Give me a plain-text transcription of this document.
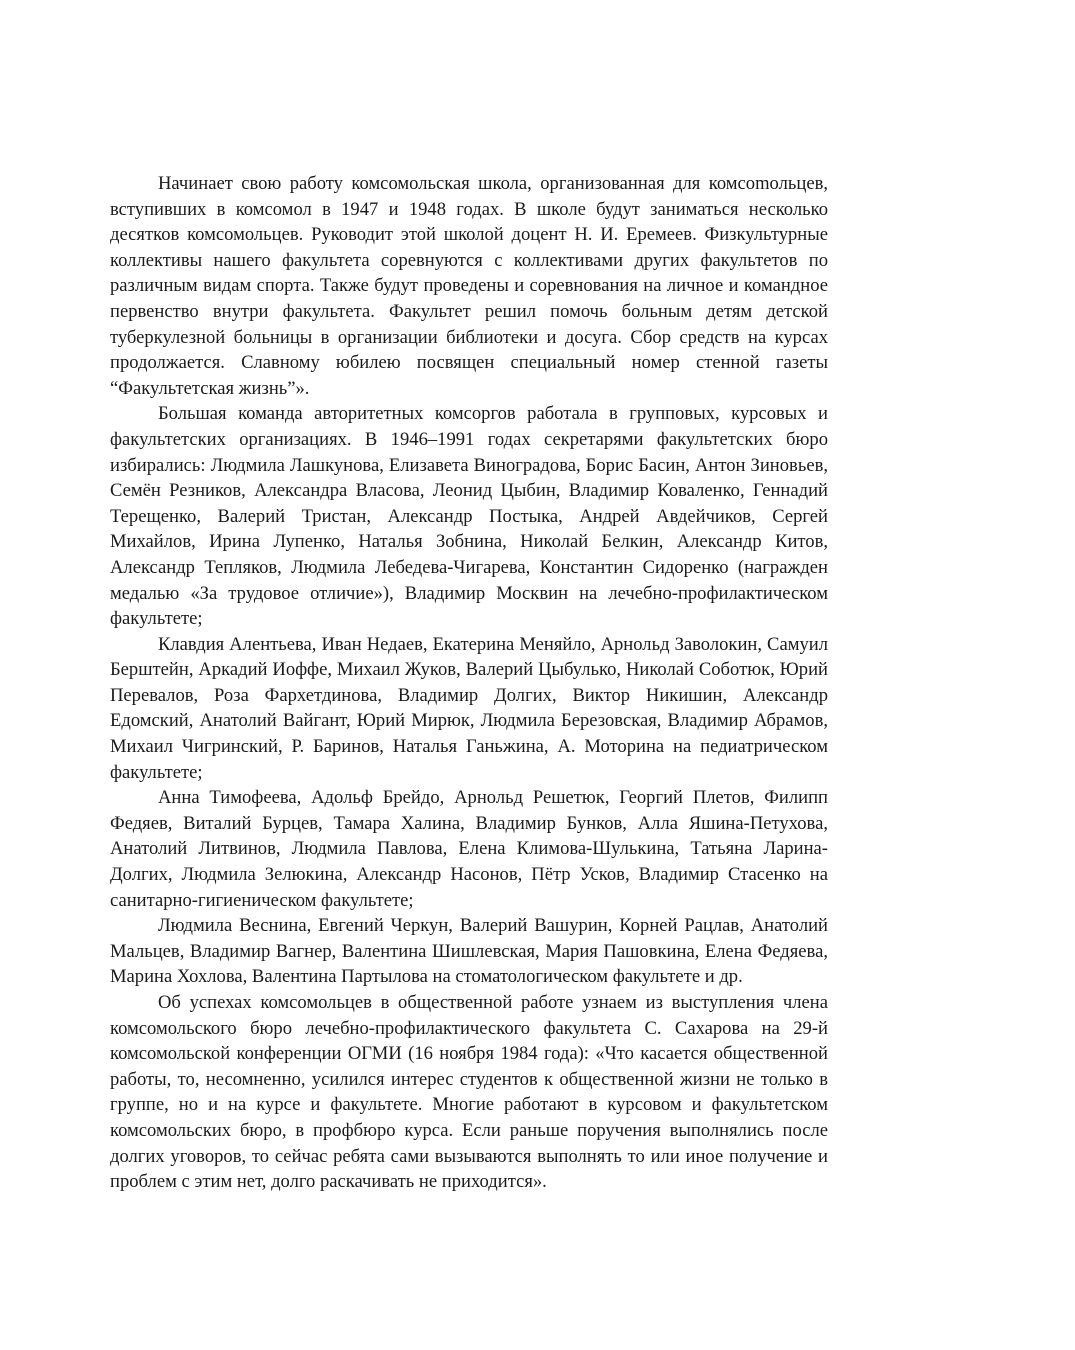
Начинает свою работу комсомольская школа, организованная для комсоmольцев, вступивших в комсомол в 1947 и 1948 годах. В школе будут заниматься несколько десятков комсомольцев. Руководит этой школой доцент Н. И. Еремеев. Физкультурные коллективы нашего факультета соревнуются с коллективами других факультетов по различным видам спорта. Также будут проведены и соревнования на личное и командное первенство внутри факультета. Факультет решил помочь больным детям детской туберкулезной больницы в организации библиотеки и досуга. Сбор средств на курсах продолжается. Славному юбилею посвящен специальный номер стенной газеты “Факультетская жизнь”».

Большая команда авторитетных комсоргов работала в групповых, курсовых и факультетских организациях. В 1946–1991 годах секретарями факультетских бюро избирались: Людмила Лашкунова, Елизавета Виноградова, Борис Басин, Антон Зиновьев, Семён Резников, Александра Власова, Леонид Цыбин, Владимир Коваленко, Геннадий Терещенко, Валерий Тристан, Александр Постыка, Андрей Авдейчиков, Сергей Михайлов, Ирина Лупенко, Наталья Зобнина, Николай Белкин, Александр Китов, Александр Тепляков, Людмила Лебедева-Чигарева, Константин Сидоренко (награжден медалью «За трудовое отличие»), Владимир Москвин на лечебно-профилактическом факультете;

Клавдия Алентьева, Иван Недаев, Екатерина Меняйло, Арнольд Заволокин, Самуил Берштейн, Аркадий Иоффе, Михаил Жуков, Валерий Цыбулько, Николай Соботюк, Юрий Перевалов, Роза Фархетдинова, Владимир Долгих, Виктор Никишин, Александр Едомский, Анатолий Вайгант, Юрий Мирюк, Людмила Березовская, Владимир Абрамов, Михаил Чигринский, Р. Баринов, Наталья Ганьжина, А. Моторина на педиатрическом факультете;

Анна Тимофеева, Адольф Брейдо, Арнольд Решетюк, Георгий Плетов, Филипп Федяев, Виталий Бурцев, Тамара Халина, Владимир Бунков, Алла Яшина-Петухова, Анатолий Литвинов, Людмила Павлова, Елена Климова-Шулькина, Татьяна Ларина-Долгих, Людмила Зелюкина, Александр Насонов, Пётр Усков, Владимир Стасенко на санитарно-гигиеническом факультете;

Людмила Веснина, Евгений Черкун, Валерий Вашурин, Корней Рацлав, Анатолий Мальцев, Владимир Вагнер, Валентина Шишлевская, Мария Пашовкина, Елена Федяева, Марина Хохлова, Валентина Партылова на стоматологическом факультете и др.

Об успехах комсомольцев в общественной работе узнаем из выступления члена комсомольского бюро лечебно-профилактического факультета С. Сахарова на 29-й комсомольской конференции ОГМИ (16 ноября 1984 года): «Что касается общественной работы, то, несомненно, усилился интерес студентов к общественной жизни не только в группе, но и на курсе и факультете. Многие работают в курсовом и факультетском комсомольских бюро, в профбюро курса. Если раньше поручения выполнялись после долгих уговоров, то сейчас ребята сами вызываются выполнять то или иное получение и проблем с этим нет, долго раскачивать не приходится».
